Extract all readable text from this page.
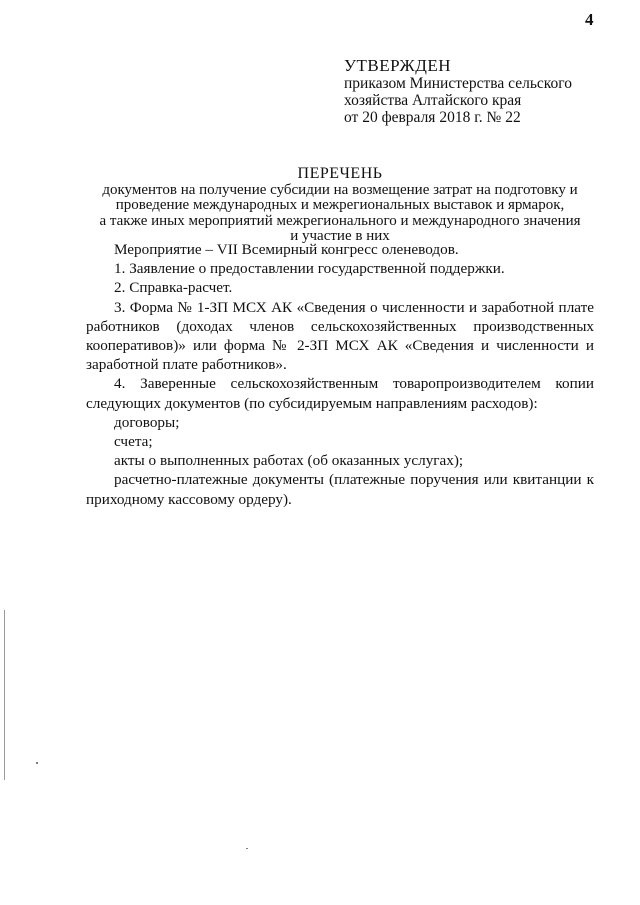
4
УТВЕРЖДЕН
приказом Министерства сельского
хозяйства Алтайского края
от 20 февраля 2018 г. № 22
ПЕРЕЧЕНЬ
документов на получение субсидии на возмещение затрат на подготовку и
проведение международных и межрегиональных выставок и ярмарок,
а также иных мероприятий межрегионального и международного значения
и участие в них

Мероприятие – VII Всемирный конгресс оленеводов.

1. Заявление о предоставлении государственной поддержки.

2. Справка-расчет.

3. Форма № 1-ЗП МСХ АК «Сведения о численности и заработной плате работников (доходах членов сельскохозяйственных производственных кооперативов)» или форма № 2-ЗП МСХ АК «Сведения и численности и заработной плате работников».

4. Заверенные сельскохозяйственным товаропроизводителем копии следующих документов (по субсидируемым направлениям расходов):

договоры;

счета;

акты о выполненных работах (об оказанных услугах);

расчетно-платежные документы (платежные поручения или квитанции к приходному кассовому ордеру).
